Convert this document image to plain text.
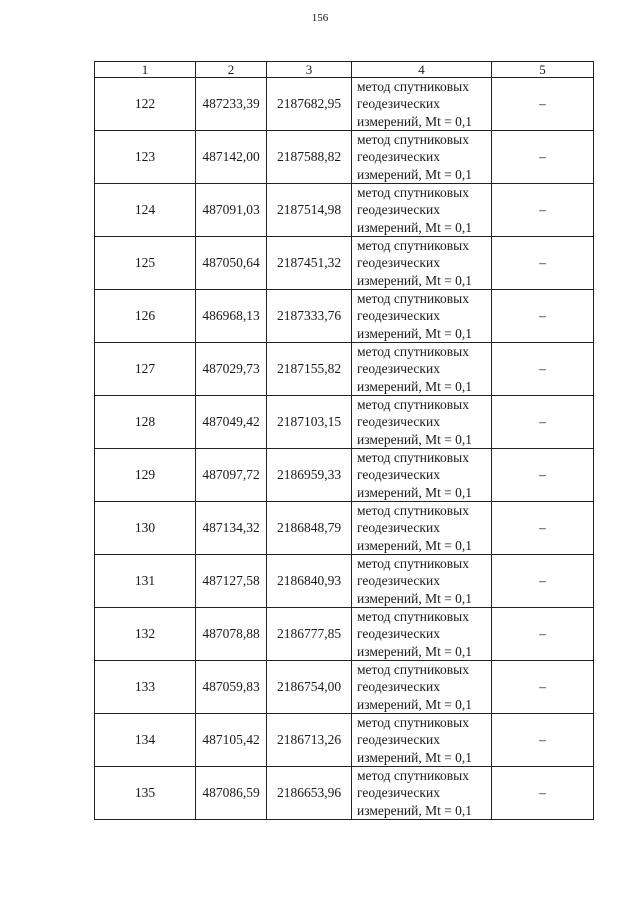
156
1	2	3	4	5
122	487233,39	2187682,95	метод спутниковых
геодезических
измерений, Mt = 0,1	–
123	487142,00	2187588,82	метод спутниковых
геодезических
измерений, Mt = 0,1	–
124	487091,03	2187514,98	метод спутниковых
геодезических
измерений, Mt = 0,1	–
125	487050,64	2187451,32	метод спутниковых
геодезических
измерений, Mt = 0,1	–
126	486968,13	2187333,76	метод спутниковых
геодезических
измерений, Mt = 0,1	–
127	487029,73	2187155,82	метод спутниковых
геодезических
измерений, Mt = 0,1	–
128	487049,42	2187103,15	метод спутниковых
геодезических
измерений, Mt = 0,1	–
129	487097,72	2186959,33	метод спутниковых
геодезических
измерений, Mt = 0,1	–
130	487134,32	2186848,79	метод спутниковых
геодезических
измерений, Mt = 0,1	–
131	487127,58	2186840,93	метод спутниковых
геодезических
измерений, Mt = 0,1	–
132	487078,88	2186777,85	метод спутниковых
геодезических
измерений, Mt = 0,1	–
133	487059,83	2186754,00	метод спутниковых
геодезических
измерений, Mt = 0,1	–
134	487105,42	2186713,26	метод спутниковых
геодезических
измерений, Mt = 0,1	–
135	487086,59	2186653,96	метод спутниковых
геодезических
измерений, Mt = 0,1	–
